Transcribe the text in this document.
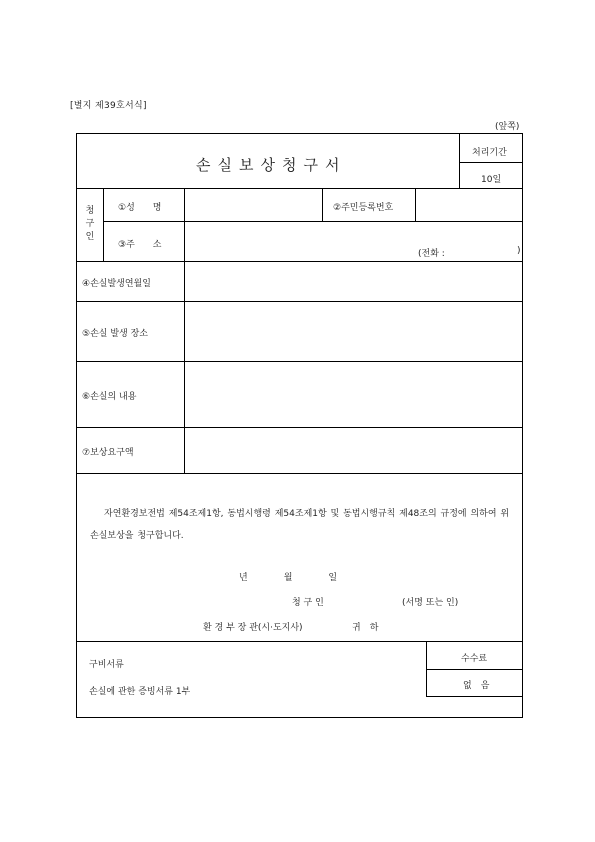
[별지 제39호서식]
(앞쪽)
손실보상청구서
처리기간
10일
청구인
①성　　명	②주민등록번호
③주　　소
(전화 :	)
④손실발생연월일
⑤손실 발생 장소
⑥손실의 내용
⑦보상요구액
자연환경보전법 제54조제1항, 동법시행령 제54조제1항 및 동법시행규칙 제48조의 규정에 의하여 위 손실보상을 청구합니다.
년　　　　월　　　　일
청 구 인	(서명 또는 인)
환 경 부 장 관(시·도지사)	귀　하
구비서류
손실에 관한 증빙서류 1부
수수료
없　음
